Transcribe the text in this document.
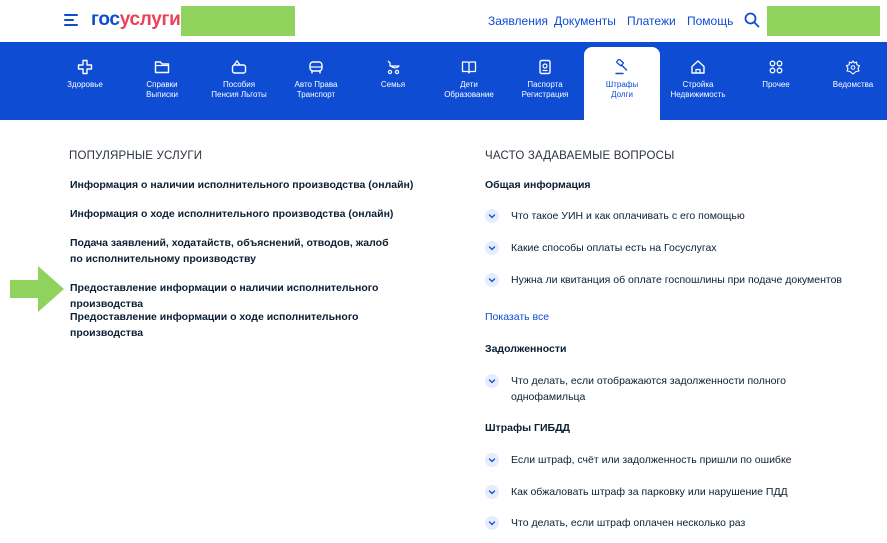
госуслуги	Заявления Документы Платежи Помощь
Здоровье	Справки
Выписки
Пособия
Пенсия Льготы
Авто Права
Транспорт
Семья	Дети
Образование
Паспорта
Регистрация
Штрафы
Долги
Стройка
Недвижимость
Прочее	Ведомства
ПОПУЛЯРНЫЕ УСЛУГИ
Информация о наличии исполнительного производства (онлайн)
Информация о ходе исполнительного производства (онлайн)
Подача заявлений, ходатайств, объяснений, отводов, жалоб по исполнительному производству
Предоставление информации о наличии исполнительного производства
Предоставление информации о ходе исполнительного производства
ЧАСТО ЗАДАВАЕМЫЕ ВОПРОСЫ
Общая информация
Что такое УИН и как оплачивать с его помощью
Какие способы оплаты есть на Госуслугах
Нужна ли квитанция об оплате госпошлины при подаче документов
Показать все
Задолженности
Что делать, если отображаются задолженности полного однофамильца
Штрафы ГИБДД
Если штраф, счёт или задолженность пришли по ошибке
Как обжаловать штраф за парковку или нарушение ПДД
Что делать, если штраф оплачен несколько раз
